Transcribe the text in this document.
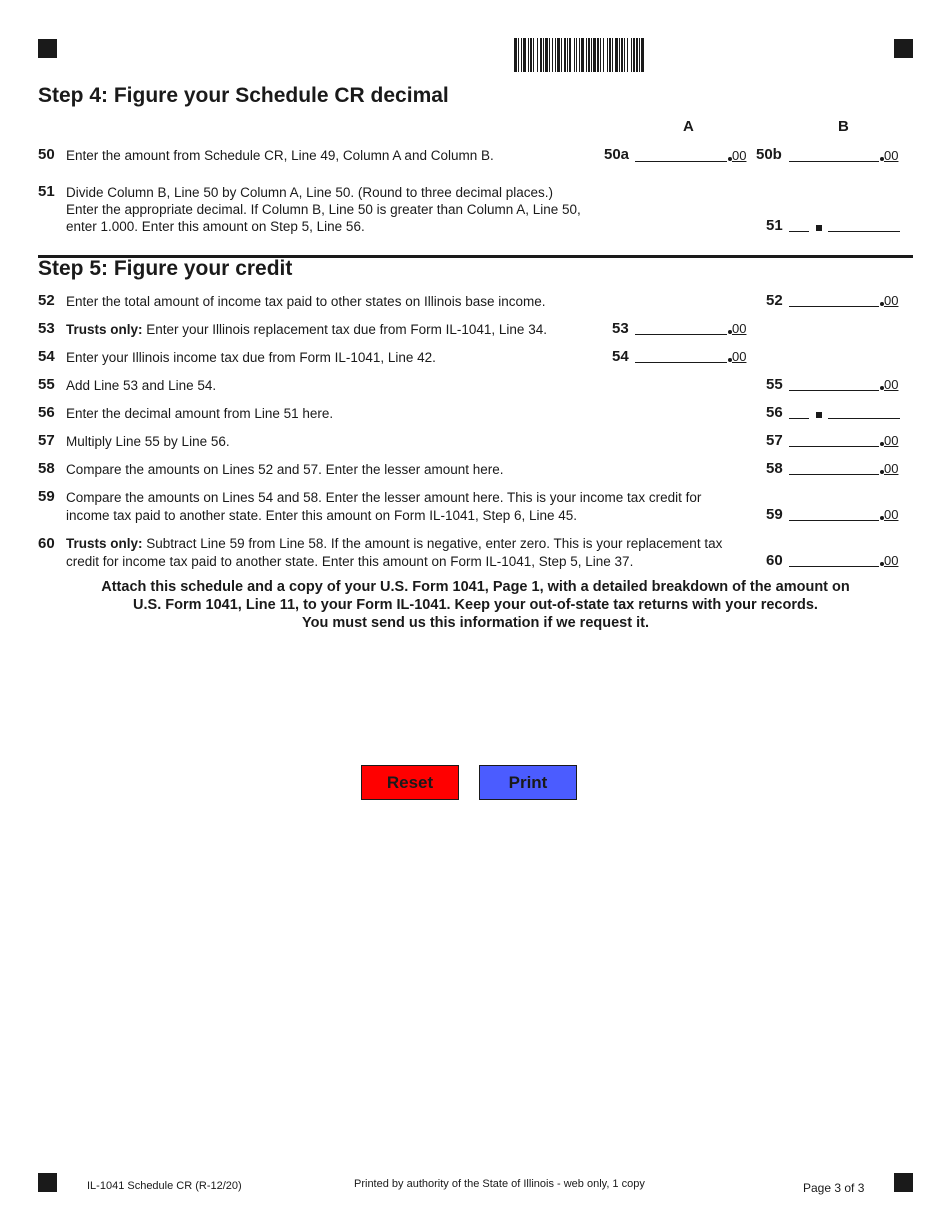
Step 4: Figure your Schedule CR decimal
A	B
50 Enter the amount from Schedule CR, Line 49, Column A and Column B.	50a	00 50b	00
51 Divide Column B, Line 50 by Column A, Line 50. (Round to three decimal places.)
Enter the appropriate decimal. If Column B, Line 50 is greater than Column A, Line 50,
enter 1.000. Enter this amount on Step 5, Line 56.	51
Step 5: Figure your credit
52 Enter the total amount of income tax paid to other states on Illinois base income.	52	00
53 Trusts only: Enter your Illinois replacement tax due from Form IL-1041, Line 34.	53	00
54 Enter your Illinois income tax due from Form IL-1041, Line 42.	54	00
55 Add Line 53 and Line 54.	55	00
56 Enter the decimal amount from Line 51 here.	56
57 Multiply Line 55 by Line 56.	57	00
58 Compare the amounts on Lines 52 and 57. Enter the lesser amount here.	58	00
59 Compare the amounts on Lines 54 and 58. Enter the lesser amount here. This is your income tax credit for
income tax paid to another state. Enter this amount on Form IL-1041, Step 6, Line 45.	59	00
60 Trusts only: Subtract Line 59 from Line 58. If the amount is negative, enter zero. This is your replacement tax
credit for income tax paid to another state. Enter this amount on Form IL-1041, Step 5, Line 37.	60	00
Attach this schedule and a copy of your U.S. Form 1041, Page 1, with a detailed breakdown of the amount on
U.S. Form 1041, Line 11, to your Form IL-1041. Keep your out-of-state tax returns with your records.
You must send us this information if we request it.
Reset	Print
IL-1041 Schedule CR (R-12/20)	Printed by authority of the State of Illinois - web only, 1 copy	Page 3 of 3
